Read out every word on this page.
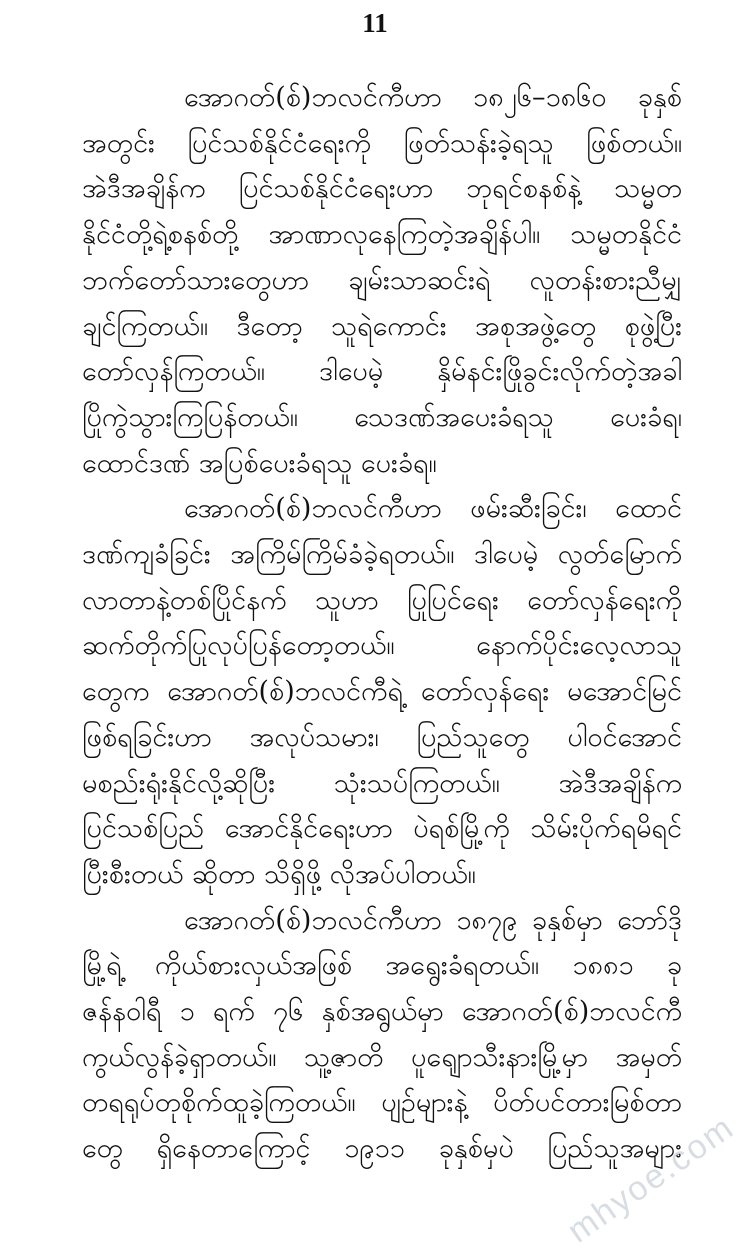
11
အောဂတ်(စ်)ဘလင်ကီဟာ ၁၈၂၆–၁၈၆၀ ခုနှစ်
အတွင်း ပြင်သစ်နိုင်ငံရေးကို ဖြတ်သန်းခဲ့ရသူ ဖြစ်တယ်။
အဲဒီအချိန်က ပြင်သစ်နိုင်ငံရေးဟာ ဘုရင်စနစ်နဲ့ သမ္မတ
နိုင်ငံတို့ရဲ့စနစ်တို့ အာဏာလုနေကြတဲ့အချိန်ပါ။ သမ္မတနိုင်ငံ
ဘက်တော်သားတွေဟာ ချမ်းသာဆင်းရဲ လူတန်းစားညီမျှ
ချင်ကြတယ်။ ဒီတော့ သူရဲကောင်း အစုအဖွဲ့တွေ စုဖွဲ့ပြီး
တော်လှန်ကြတယ်။ ဒါပေမဲ့ နှိမ်နင်းဖြိုခွင်းလိုက်တဲ့အခါ
ပြိုကွဲသွားကြပြန်တယ်။ သေဒဏ်အပေးခံရသူ ပေးခံရ၊
ထောင်ဒဏ် အပြစ်ပေးခံရသူ ပေးခံရ။
အောဂတ်(စ်)ဘလင်ကီဟာ ဖမ်းဆီးခြင်း၊ ထောင်
ဒဏ်ကျခံခြင်း အကြိမ်ကြိမ်ခံခဲ့ရတယ်။ ဒါပေမဲ့ လွတ်မြောက်
လာတာနဲ့တစ်ပြိုင်နက် သူဟာ ပြုပြင်ရေး တော်လှန်ရေးကို
ဆက်တိုက်ပြုလုပ်ပြန်တော့တယ်။ နောက်ပိုင်းလေ့လာသူ
တွေက အောဂတ်(စ်)ဘလင်ကီရဲ့ တော်လှန်ရေး မအောင်မြင်
ဖြစ်ရခြင်းဟာ အလုပ်သမား၊ ပြည်သူတွေ ပါဝင်အောင်
မစည်းရုံးနိုင်လို့ဆိုပြီး သုံးသပ်ကြတယ်။ အဲဒီအချိန်က
ပြင်သစ်ပြည် အောင်နိုင်ရေးဟာ ပဲရစ်မြို့ကို သိမ်းပိုက်ရမိရင်
ပြီးစီးတယ် ဆိုတာ သိရှိဖို့ လိုအပ်ပါတယ်။
အောဂတ်(စ်)ဘလင်ကီဟာ ၁၈၇၉ ခုနှစ်မှာ ဘော်ဒို
မြို့ရဲ့ ကိုယ်စားလှယ်အဖြစ် အရွေးခံရတယ်။ ၁၈၈၁ ခု
ဇန်နဝါရီ ၁ ရက် ၇၆ နှစ်အရွယ်မှာ အောဂတ်(စ်)ဘလင်ကီ
ကွယ်လွန်ခဲ့ရှာတယ်။ သူ့ဇာတိ ပူရျောသီးနားမြို့မှာ အမှတ်
တရရုပ်တုစိုက်ထူခဲ့ကြတယ်။ ပျဉ်များနဲ့ ပိတ်ပင်တားမြစ်တာ
တွေ ရှိနေတာကြောင့် ၁၉၁၁ ခုနှစ်မှပဲ ပြည်သူအများ
mhyoe.com
